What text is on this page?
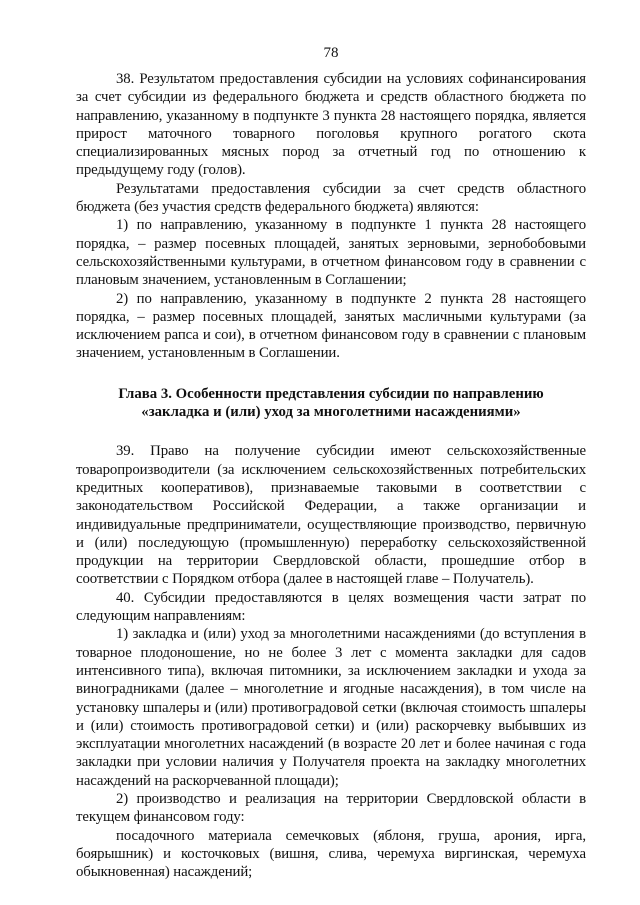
78

38. Результатом предоставления субсидии на условиях софинансирования за счет субсидии из федерального бюджета и средств областного бюджета по направлению, указанному в подпункте 3 пункта 28 настоящего порядка, является прирост маточного товарного поголовья крупного рогатого скота специализированных мясных пород за отчетный год по отношению к предыдущему году (голов).

Результатами предоставления субсидии за счет средств областного бюджета (без участия средств федерального бюджета) являются:

1) по направлению, указанному в подпункте 1 пункта 28 настоящего порядка, – размер посевных площадей, занятых зерновыми, зернобобовыми сельскохозяйственными культурами, в отчетном финансовом году в сравнении с плановым значением, установленным в Соглашении;

2) по направлению, указанному в подпункте 2 пункта 28 настоящего порядка, – размер посевных площадей, занятых масличными культурами (за исключением рапса и сои), в отчетном финансовом году в сравнении с плановым значением, установленным в Соглашении.

Глава 3. Особенности представления субсидии по направлению
«закладка и (или) уход за многолетними насаждениями»

39. Право на получение субсидии имеют сельскохозяйственные товаропроизводители (за исключением сельскохозяйственных потребительских кредитных кооперативов), признаваемые таковыми в соответствии с законодательством Российской Федерации, а также организации и индивидуальные предприниматели, осуществляющие производство, первичную и (или) последующую (промышленную) переработку сельскохозяйственной продукции на территории Свердловской области, прошедшие отбор в соответствии с Порядком отбора (далее в настоящей главе – Получатель).

40. Субсидии предоставляются в целях возмещения части затрат по следующим направлениям:

1) закладка и (или) уход за многолетними насаждениями (до вступления в товарное плодоношение, но не более 3 лет с момента закладки для садов интенсивного типа), включая питомники, за исключением закладки и ухода за виноградниками (далее – многолетние и ягодные насаждения), в том числе на установку шпалеры и (или) противоградовой сетки (включая стоимость шпалеры и (или) стоимость противоградовой сетки) и (или) раскорчевку выбывших из эксплуатации многолетних насаждений (в возрасте 20 лет и более начиная с года закладки при условии наличия у Получателя проекта на закладку многолетних насаждений на раскорчеванной площади);

2) производство и реализация на территории Свердловской области в текущем финансовом году:

посадочного материала семечковых (яблоня, груша, арония, ирга, боярышник) и косточковых (вишня, слива, черемуха виргинская, черемуха обыкновенная) насаждений;
